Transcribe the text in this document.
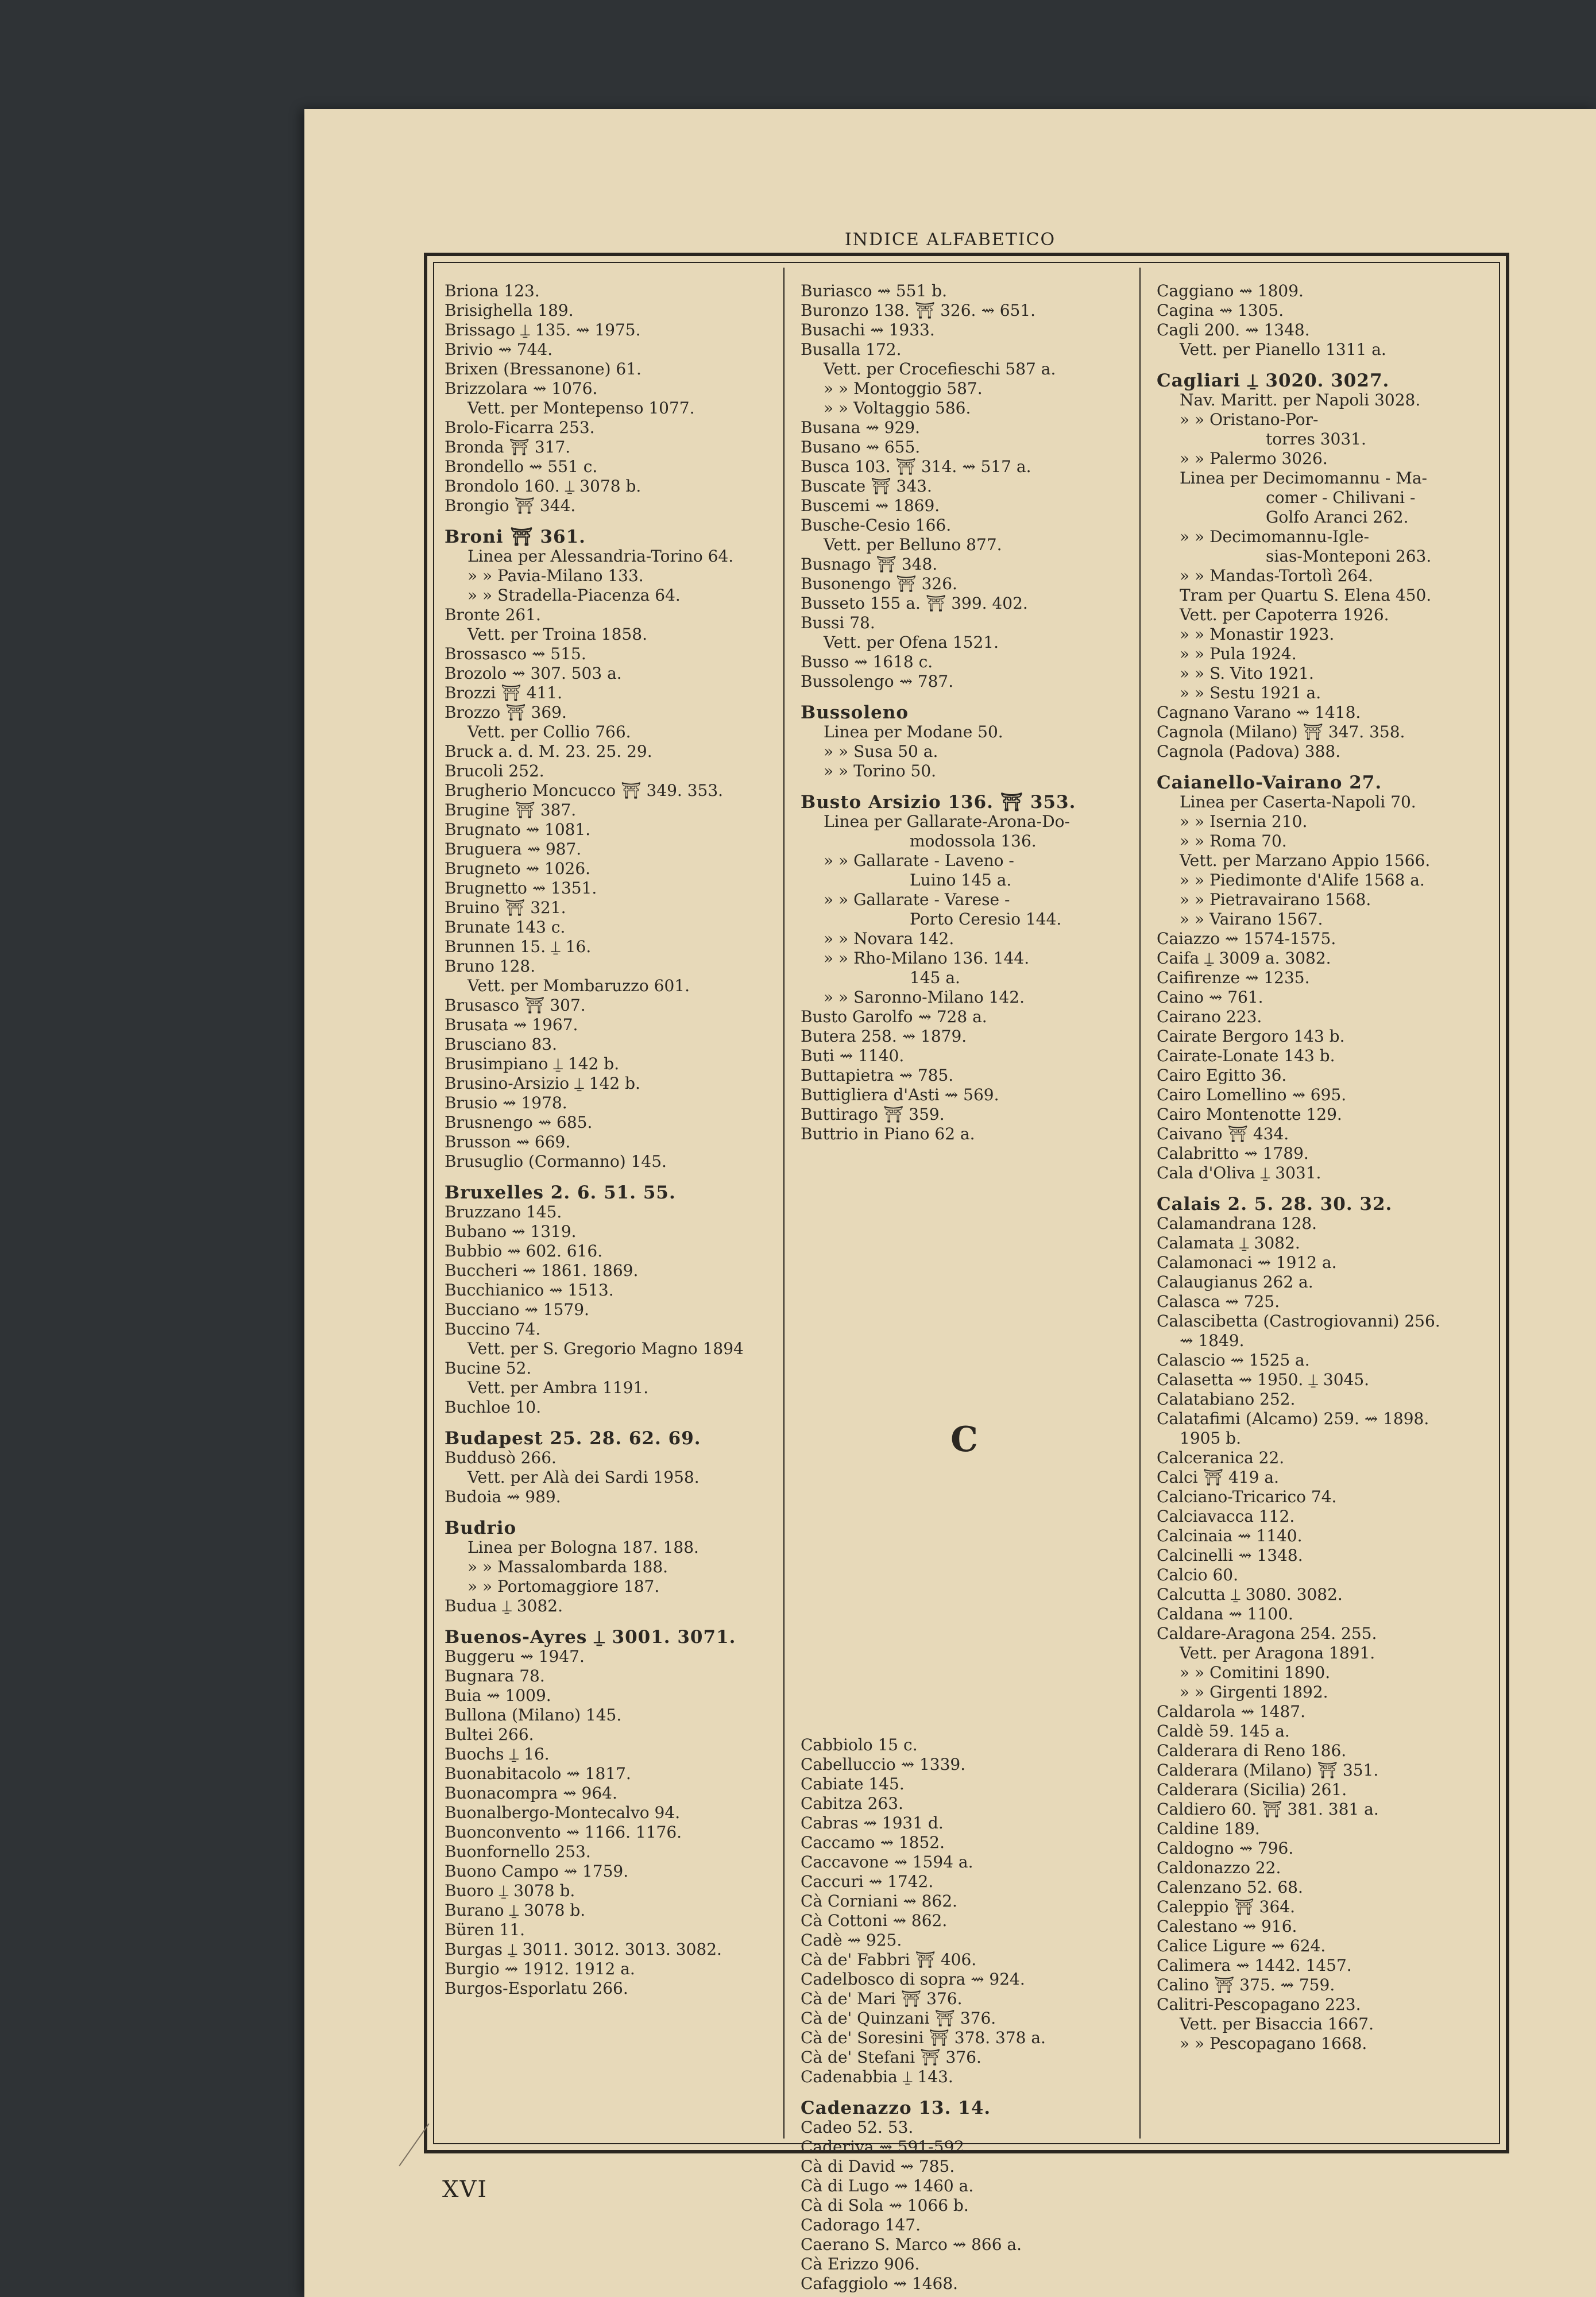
INDICE ALFABETICO
Briona 123.
Brisighella 189.
Brissago ⍊ 135. ⇝ 1975.
Brivio ⇝ 744.
Brixen (Bressanone) 61.
Brizzolara ⇝ 1076.
Vett. per Montepenso 1077.
Brolo-Ficarra 253.
Bronda ⛩ 317.
Brondello ⇝ 551 c.
Brondolo 160. ⍊ 3078 b.
Brongio ⛩ 344.
Broni ⛩ 361.
Linea per Alessandria-Torino 64.
» » Pavia-Milano 133.
» » Stradella-Piacenza 64.
Bronte 261.
Vett. per Troina 1858.
Brossasco ⇝ 515.
Brozolo ⇝ 307. 503 a.
Brozzi ⛩ 411.
Brozzo ⛩ 369.
Vett. per Collio 766.
Bruck a. d. M. 23. 25. 29.
Brucoli 252.
Brugherio Moncucco ⛩ 349. 353.
Brugine ⛩ 387.
Brugnato ⇝ 1081.
Bruguera ⇝ 987.
Brugneto ⇝ 1026.
Brugnetto ⇝ 1351.
Bruino ⛩ 321.
Brunate 143 c.
Brunnen 15. ⍊ 16.
Bruno 128.
Vett. per Mombaruzzo 601.
Brusasco ⛩ 307.
Brusata ⇝ 1967.
Brusciano 83.
Brusimpiano ⍊ 142 b.
Brusino-Arsizio ⍊ 142 b.
Brusio ⇝ 1978.
Brusnengo ⇝ 685.
Brusson ⇝ 669.
Brusuglio (Cormanno) 145.
Bruxelles 2. 6. 51. 55.
Bruzzano 145.
Bubano ⇝ 1319.
Bubbio ⇝ 602. 616.
Buccheri ⇝ 1861. 1869.
Bucchianico ⇝ 1513.
Bucciano ⇝ 1579.
Buccino 74.
Vett. per S. Gregorio Magno 1894
Bucine 52.
Vett. per Ambra 1191.
Buchloe 10.
Budapest 25. 28. 62. 69.
Buddusò 266.
Vett. per Alà dei Sardi 1958.
Budoia ⇝ 989.
Budrio
Linea per Bologna 187. 188.
» » Massalombarda 188.
» » Portomaggiore 187.
Budua ⍊ 3082.
Buenos-Ayres ⍊ 3001. 3071.
Buggeru ⇝ 1947.
Bugnara 78.
Buia ⇝ 1009.
Bullona (Milano) 145.
Bultei 266.
Buochs ⍊ 16.
Buonabitacolo ⇝ 1817.
Buonacompra ⇝ 964.
Buonalbergo-Montecalvo 94.
Buonconvento ⇝ 1166. 1176.
Buonfornello 253.
Buono Campo ⇝ 1759.
Buoro ⍊ 3078 b.
Burano ⍊ 3078 b.
Büren 11.
Burgas ⍊ 3011. 3012. 3013. 3082.
Burgio ⇝ 1912. 1912 a.
Burgos-Esporlatu 266.
Buriasco ⇝ 551 b.
Buronzo 138. ⛩ 326. ⇝ 651.
Busachi ⇝ 1933.
Busalla 172.
Vett. per Crocefieschi 587 a.
» » Montoggio 587.
» » Voltaggio 586.
Busana ⇝ 929.
Busano ⇝ 655.
Busca 103. ⛩ 314. ⇝ 517 a.
Buscate ⛩ 343.
Buscemi ⇝ 1869.
Busche-Cesio 166.
Vett. per Belluno 877.
Busnago ⛩ 348.
Busonengo ⛩ 326.
Busseto 155 a. ⛩ 399. 402.
Bussi 78.
Vett. per Ofena 1521.
Busso ⇝ 1618 c.
Bussolengo ⇝ 787.
Bussoleno
Linea per Modane 50.
» » Susa 50 a.
» » Torino 50.
Busto Arsizio 136. ⛩ 353.
Linea per Gallarate-Arona-Do-
modossola 136.
» » Gallarate - Laveno -
Luino 145 a.
» » Gallarate - Varese -
Porto Ceresio 144.
» » Novara 142.
» » Rho-Milano 136. 144.
145 a.
» » Saronno-Milano 142.
Busto Garolfo ⇝ 728 a.
Butera 258. ⇝ 1879.
Buti ⇝ 1140.
Buttapietra ⇝ 785.
Buttigliera d'Asti ⇝ 569.
Buttirago ⛩ 359.
Buttrio in Piano 62 a.
C
Cabbiolo 15 c.
Cabelluccio ⇝ 1339.
Cabiate 145.
Cabitza 263.
Cabras ⇝ 1931 d.
Caccamo ⇝ 1852.
Caccavone ⇝ 1594 a.
Caccuri ⇝ 1742.
Cà Corniani ⇝ 862.
Cà Cottoni ⇝ 862.
Cadè ⇝ 925.
Cà de' Fabbri ⛩ 406.
Cadelbosco di sopra ⇝ 924.
Cà de' Mari ⛩ 376.
Cà de' Quinzani ⛩ 376.
Cà de' Soresini ⛩ 378. 378 a.
Cà de' Stefani ⛩ 376.
Cadenabbia ⍊ 143.
Cadenazzo 13. 14.
Cadeo 52. 53.
Caderiva ⇝ 591-592.
Cà di David ⇝ 785.
Cà di Lugo ⇝ 1460 a.
Cà di Sola ⇝ 1066 b.
Cadorago 147.
Caerano S. Marco ⇝ 866 a.
Cà Erizzo 906.
Cafaggiolo ⇝ 1468.
Caggiano ⇝ 1809.
Cagina ⇝ 1305.
Cagli 200. ⇝ 1348.
Vett. per Pianello 1311 a.
Cagliari ⍊ 3020. 3027.
Nav. Maritt. per Napoli 3028.
» » Oristano-Por-
torres 3031.
» » Palermo 3026.
Linea per Decimomannu - Ma-
comer - Chilivani -
Golfo Aranci 262.
» » Decimomannu-Igle-
sias-Monteponi 263.
» » Mandas-Tortolì 264.
Tram per Quartu S. Elena 450.
Vett. per Capoterra 1926.
» » Monastir 1923.
» » Pula 1924.
» » S. Vito 1921.
» » Sestu 1921 a.
Cagnano Varano ⇝ 1418.
Cagnola (Milano) ⛩ 347. 358.
Cagnola (Padova) 388.
Caianello-Vairano 27.
Linea per Caserta-Napoli 70.
» » Isernia 210.
» » Roma 70.
Vett. per Marzano Appio 1566.
» » Piedimonte d'Alife 1568 a.
» » Pietravairano 1568.
» » Vairano 1567.
Caiazzo ⇝ 1574-1575.
Caifa ⍊ 3009 a. 3082.
Caifirenze ⇝ 1235.
Caino ⇝ 761.
Cairano 223.
Cairate Bergoro 143 b.
Cairate-Lonate 143 b.
Cairo Egitto 36.
Cairo Lomellino ⇝ 695.
Cairo Montenotte 129.
Caivano ⛩ 434.
Calabritto ⇝ 1789.
Cala d'Oliva ⍊ 3031.
Calais 2. 5. 28. 30. 32.
Calamandrana 128.
Calamata ⍊ 3082.
Calamonaci ⇝ 1912 a.
Calaugianus 262 a.
Calasca ⇝ 725.
Calascibetta (Castrogiovanni) 256.
⇝ 1849.
Calascio ⇝ 1525 a.
Calasetta ⇝ 1950. ⍊ 3045.
Calatabiano 252.
Calatafimi (Alcamo) 259. ⇝ 1898.
1905 b.
Calceranica 22.
Calci ⛩ 419 a.
Calciano-Tricarico 74.
Calciavacca 112.
Calcinaia ⇝ 1140.
Calcinelli ⇝ 1348.
Calcio 60.
Calcutta ⍊ 3080. 3082.
Caldana ⇝ 1100.
Caldare-Aragona 254. 255.
Vett. per Aragona 1891.
» » Comitini 1890.
» » Girgenti 1892.
Caldarola ⇝ 1487.
Caldè 59. 145 a.
Calderara di Reno 186.
Calderara (Milano) ⛩ 351.
Calderara (Sicilia) 261.
Caldiero 60. ⛩ 381. 381 a.
Caldine 189.
Caldogno ⇝ 796.
Caldonazzo 22.
Calenzano 52. 68.
Caleppio ⛩ 364.
Calestano ⇝ 916.
Calice Ligure ⇝ 624.
Calimera ⇝ 1442. 1457.
Calino ⛩ 375. ⇝ 759.
Calitri-Pescopagano 223.
Vett. per Bisaccia 1667.
» » Pescopagano 1668.
XVI
